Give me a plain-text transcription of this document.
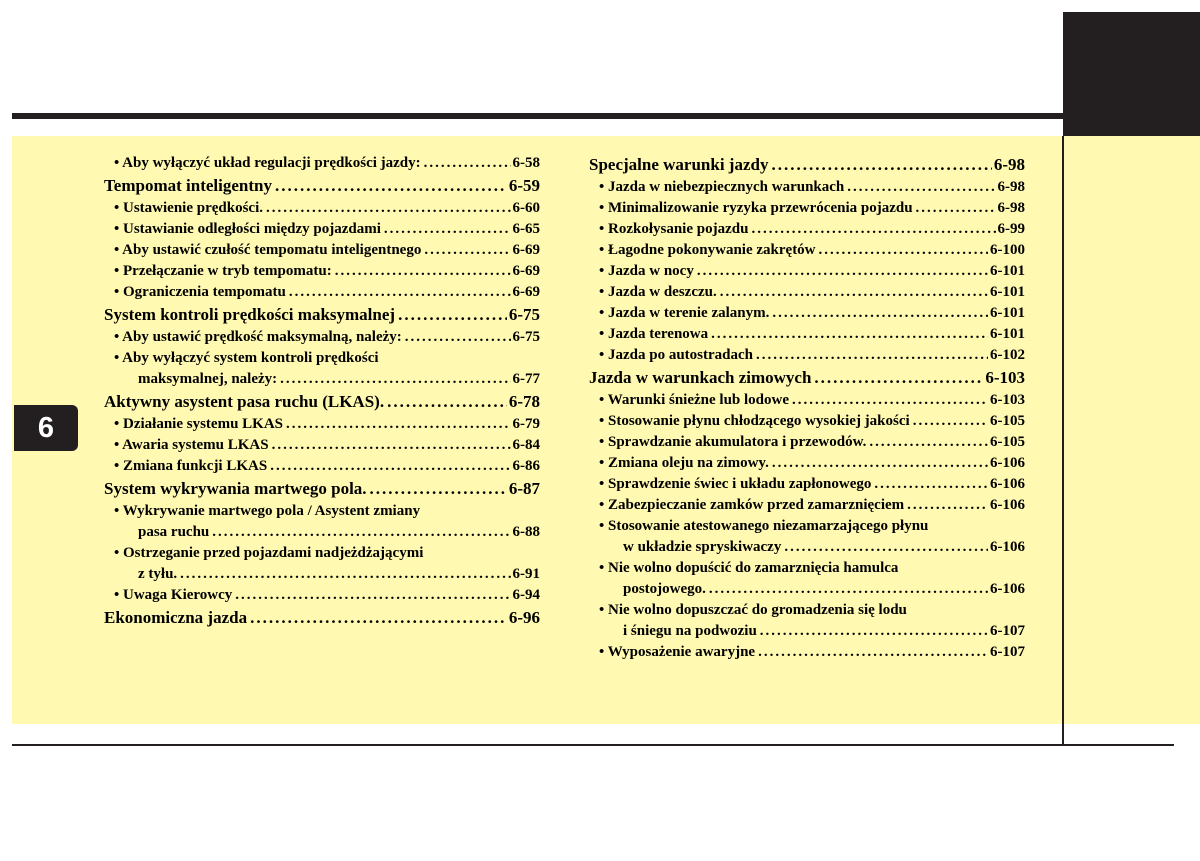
6
• Aby wyłączyć układ regulacji prędkości jazdy: .....	6-58
Tempomat inteligentny .....	6-59
• Ustawienie prędkości. .....	6-60
• Ustawianie odległości między pojazdami .....	6-65
• Aby ustawić czułość tempomatu inteligentnego .....	6-69
• Przełączanie w tryb tempomatu: .....	6-69
• Ograniczenia tempomatu .....	6-69
System kontroli prędkości maksymalnej .....	6-75
• Aby ustawić prędkość maksymalną, należy: .....	6-75
• Aby wyłączyć system kontroli prędkości
maksymalnej, należy: .....	6-77
Aktywny asystent pasa ruchu (LKAS). .....	6-78
• Działanie systemu LKAS .....	6-79
• Awaria systemu LKAS .....	6-84
• Zmiana funkcji LKAS .....	6-86
System wykrywania martwego pola. .....	6-87
• Wykrywanie martwego pola / Asystent zmiany
pasa ruchu .....	6-88
• Ostrzeganie przed pojazdami nadjeżdżającymi
z tyłu. .....	6-91
• Uwaga Kierowcy .....	6-94
Ekonomiczna jazda .....	6-96
Specjalne warunki jazdy .....	6-98
• Jazda w niebezpiecznych warunkach .....	6-98
• Minimalizowanie ryzyka przewrócenia pojazdu .....	6-98
• Rozkołysanie pojazdu .....	6-99
• Łagodne pokonywanie zakrętów .....	6-100
• Jazda w nocy .....	6-101
• Jazda w deszczu. .....	6-101
• Jazda w terenie zalanym. .....	6-101
• Jazda terenowa .....	6-101
• Jazda po autostradach .....	6-102
Jazda w warunkach zimowych .....	6-103
• Warunki śnieżne lub lodowe .....	6-103
• Stosowanie płynu chłodzącego wysokiej jakości .....	6-105
• Sprawdzanie akumulatora i przewodów. .....	6-105
• Zmiana oleju na zimowy. .....	6-106
• Sprawdzenie świec i układu zapłonowego .....	6-106
• Zabezpieczanie zamków przed zamarznięciem .....	6-106
• Stosowanie atestowanego niezamarzającego płynu
w układzie spryskiwaczy .....	6-106
• Nie wolno dopuścić do zamarznięcia hamulca
postojowego. .....	6-106
• Nie wolno dopuszczać do gromadzenia się lodu
i śniegu na podwoziu .....	6-107
• Wyposażenie awaryjne .....	6-107
